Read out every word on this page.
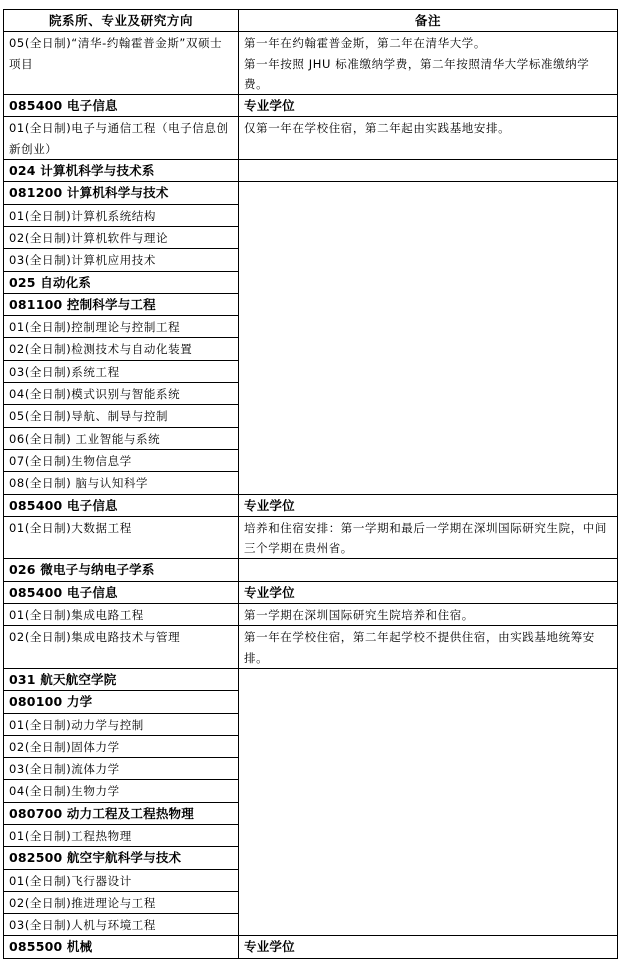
院系所、专业及研究方向	备注
05(全日制)“清华-约翰霍普金斯”双硕士项目	第一年在约翰霍普金斯，第二年在清华大学。
第一年按照 JHU 标准缴纳学费，第二年按照清华大学标准缴纳学费。
085400 电子信息	专业学位
01(全日制)电子与通信工程（电子信息创新创业）	仅第一年在学校住宿，第二年起由实践基地安排。
024 计算机科学与技术系	
081200 计算机科学与技术	
01(全日制)计算机系统结构	
02(全日制)计算机软件与理论	
03(全日制)计算机应用技术	
025 自动化系	
081100 控制科学与工程	
01(全日制)控制理论与控制工程	
02(全日制)检测技术与自动化装置	
03(全日制)系统工程	
04(全日制)模式识别与智能系统	
05(全日制)导航、制导与控制	
06(全日制) 工业智能与系统	
07(全日制)生物信息学	
08(全日制) 脑与认知科学	
085400 电子信息	专业学位
01(全日制)大数据工程	培养和住宿安排：第一学期和最后一学期在深圳国际研究生院，中间三个学期在贵州省。
026 微电子与纳电子学系	
085400 电子信息	专业学位
01(全日制)集成电路工程	第一学期在深圳国际研究生院培养和住宿。
02(全日制)集成电路技术与管理	第一年在学校住宿，第二年起学校不提供住宿，由实践基地统筹安排。
031 航天航空学院	
080100 力学	
01(全日制)动力学与控制	
02(全日制)固体力学	
03(全日制)流体力学	
04(全日制)生物力学	
080700 动力工程及工程热物理	
01(全日制)工程热物理	
082500 航空宇航科学与技术	
01(全日制)飞行器设计	
02(全日制)推进理论与工程	
03(全日制)人机与环境工程	
085500 机械	专业学位
